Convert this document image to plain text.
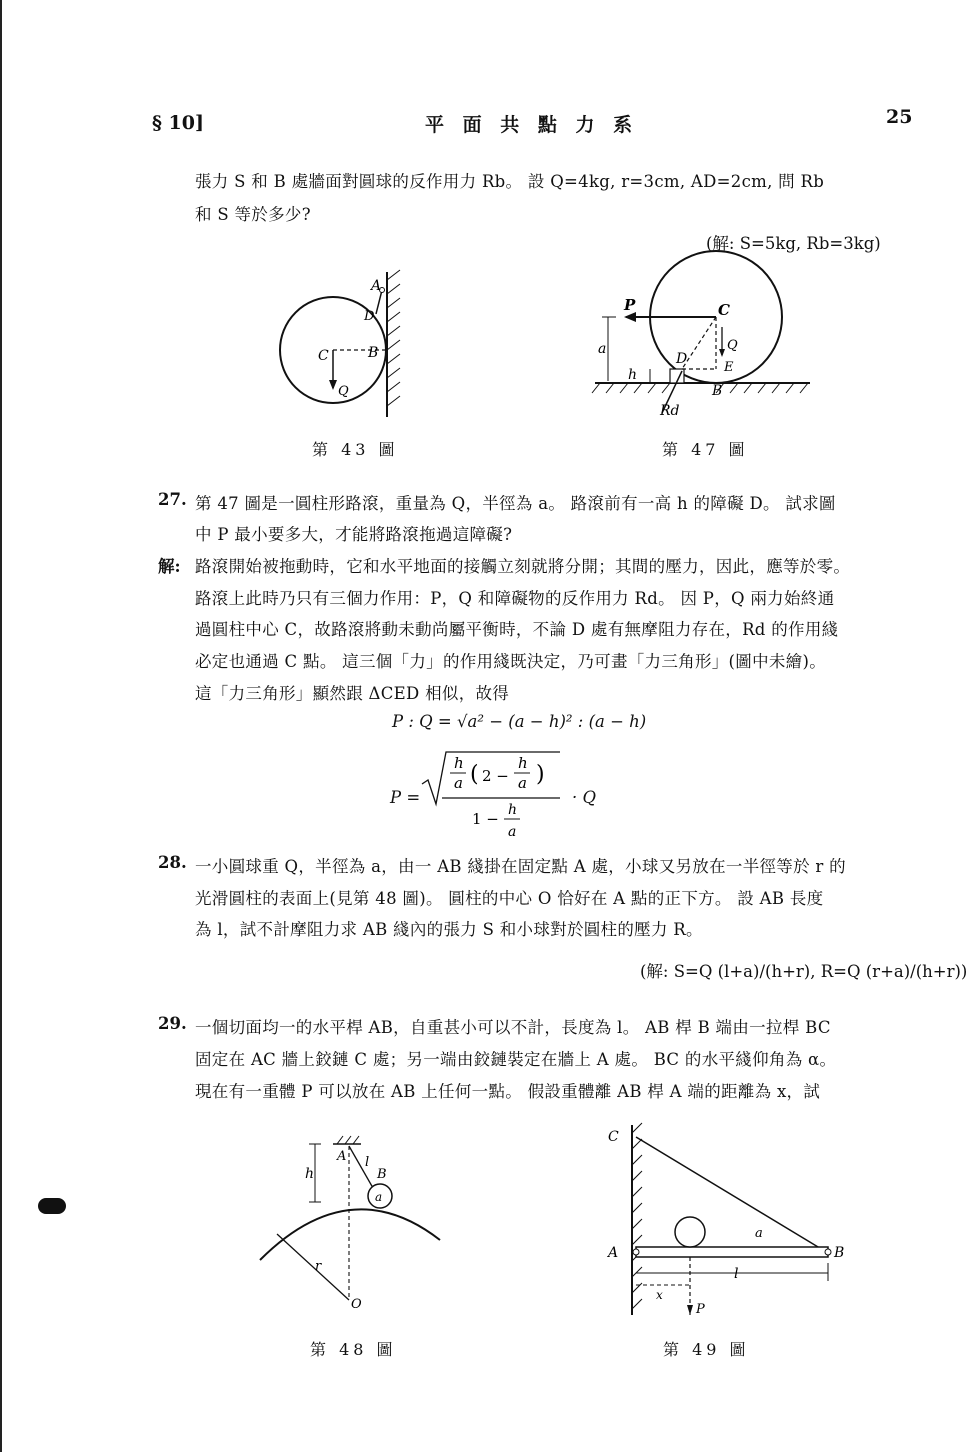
§ 10]	平 面 共 點 力 系	25
張力 S 和 B 處牆面對圓球的反作用力 Rb。 設 Q=4kg, r=3cm, AD=2cm, 問 Rb
和 S 等於多少?
(解: S=5kg, Rb=3kg)
A
D
C	B
Q
第 43 圖
P	C
Q
a
h
D
E
B
Rd
第 47 圖
27. 第 47 圖是一圓柱形路滾，重量為 Q，半徑為 a。 路滾前有一高 h 的障礙 D。 試求圖
中 P 最小要多大，才能將路滾拖過這障礙?
解: 路滾開始被拖動時，它和水平地面的接觸立刻就將分開；其間的壓力，因此，應等於零。
路滾上此時乃只有三個力作用：P，Q 和障礙物的反作用力 Rd。 因 P，Q 兩力始終通
過圓柱中心 C，故路滾將動未動尚屬平衡時，不論 D 處有無摩阻力存在，Rd 的作用綫
必定也通過 C 點。 這三個「力」的作用綫既決定，乃可畫「力三角形」(圖中未繪)。
這「力三角形」顯然跟 ΔCED 相似，故得
P : Q = √a² − (a − h)² : (a − h)
P =
h
a ( 2 −
h
a )
1 − h
a
· Q
28. 一小圓球重 Q，半徑為 a，由一 AB 綫掛在固定點 A 處，小球又另放在一半徑等於 r 的
光滑圓柱的表面上(見第 48 圖)。 圓柱的中心 O 恰好在 A 點的正下方。 設 AB 長度
為 l，試不計摩阻力求 AB 綫內的張力 S 和小球對於圓柱的壓力 R。
(解: S=Q (l+a)/(h+r), R=Q (r+a)/(h+r))
29. 一個切面均一的水平桿 AB，自重甚小可以不計，長度為 l。 AB 桿 B 端由一拉桿 BC
固定在 AC 牆上鉸鏈 C 處；另一端由鉸鏈裝定在牆上 A 處。 BC 的水平綫仰角為 α。
現在有一重體 P 可以放在 AB 上任何一點。 假設重體離 AB 桿 A 端的距離為 x，試
A l
B
a
h
r
O
第 48 圖
C
a
A	B
x
l
P
第 49 圖
